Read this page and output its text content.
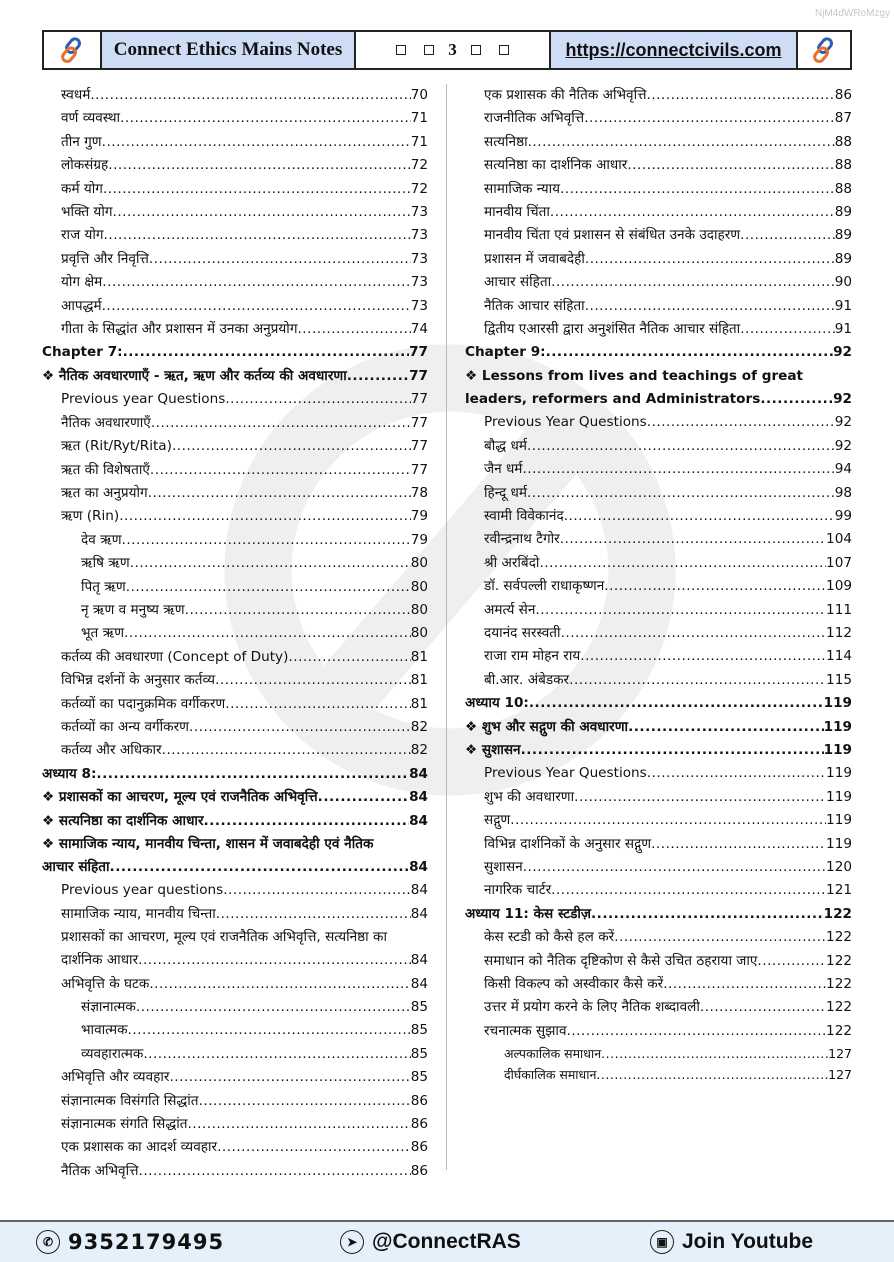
NjM4dWRoMzgy
Connect Ethics Mains Notes	3	https://connectcivils.com
स्वधर्म .....	70
वर्ण व्यवस्था .....	71
तीन गुण .....	71
लोकसंग्रह .....	72
कर्म योग .....	72
भक्ति योग .....	73
राज योग .....	73
प्रवृत्ति और निवृत्ति .....	73
योग क्षेम .....	73
आपद्धर्म .....	73
गीता के सिद्धांत और प्रशासन में उनका अनुप्रयोग .....	74
Chapter 7: .....	77
❖ नैतिक अवधारणाएँ - ऋत, ऋण और कर्तव्य की अवधारणा .....	77
Previous year Questions .....	77
नैतिक अवधारणाएँ .....	77
ऋत (Rit/Ryt/Rita) .....	77
ऋत की विशेषताएँ .....	77
ऋत का अनुप्रयोग .....	78
ऋण (Rin) .....	79
देव ऋण .....	79
ऋषि ऋण .....	80
पितृ ऋण .....	80
नृ ऋण व मनुष्य ऋण .....	80
भूत ऋण .....	80
कर्तव्य की अवधारणा (Concept of Duty) .....	81
विभिन्न दर्शनों के अनुसार कर्तव्य .....	81
कर्तव्यों का पदानुक्रमिक वर्गीकरण .....	81
कर्तव्यों का अन्य वर्गीकरण .....	82
कर्तव्य और अधिकार .....	82
अध्याय 8: .....	84
❖ प्रशासकों का आचरण, मूल्य एवं राजनैतिक अभिवृत्ति .....	84
❖ सत्यनिष्ठा का दार्शनिक आधार .....	84
❖ सामाजिक न्याय, मानवीय चिन्ता, शासन में जवाबदेही एवं नैतिक
आचार संहिता .....	84
Previous year questions .....	84
सामाजिक न्याय, मानवीय चिन्ता .....	84
प्रशासकों का आचरण, मूल्य एवं राजनैतिक अभिवृत्ति, सत्यनिष्ठा का
दार्शनिक आधार .....	84
अभिवृत्ति के घटक .....	84
संज्ञानात्मक .....	85
भावात्मक .....	85
व्यवहारात्मक .....	85
अभिवृत्ति और व्यवहार .....	85
संज्ञानात्मक विसंगति सिद्धांत .....	86
संज्ञानात्मक संगति सिद्धांत .....	86
एक प्रशासक का आदर्श व्यवहार .....	86
नैतिक अभिवृत्ति .....	86
एक प्रशासक की नैतिक अभिवृत्ति .....	86
राजनीतिक अभिवृत्ति .....	87
सत्यनिष्ठा .....	88
सत्यनिष्ठा का दार्शनिक आधार .....	88
सामाजिक न्याय .....	88
मानवीय चिंता .....	89
मानवीय चिंता एवं प्रशासन से संबंधित उनके उदाहरण .....	89
प्रशासन में जवाबदेही .....	89
आचार संहिता .....	90
नैतिक आचार संहिता .....	91
द्वितीय एआरसी द्वारा अनुशंसित नैतिक आचार संहिता .....	91
Chapter 9: .....	92
❖ Lessons from lives and teachings of great
leaders, reformers and Administrators .....	92
Previous Year Questions .....	92
बौद्ध धर्म .....	92
जैन धर्म .....	94
हिन्दू धर्म .....	98
स्वामी विवेकानंद .....	99
रवीन्द्रनाथ टैगोर .....	104
श्री अरबिंदो .....	107
डॉ. सर्वपल्ली राधाकृष्णन .....	109
अमर्त्य सेन .....	111
दयानंद सरस्वती .....	112
राजा राम मोहन राय .....	114
बी.आर. अंबेडकर .....	115
अध्याय 10: .....	119
❖ शुभ और सद्गुण की अवधारणा .....	119
❖ सुशासन .....	119
Previous Year Questions .....	119
शुभ की अवधारणा .....	119
सद्गुण .....	119
विभिन्न दार्शनिकों के अनुसार सद्गुण .....	119
सुशासन .....	120
नागरिक चार्टर .....	121
अध्याय 11: केस स्टडीज़ .....	122
केस स्टडी को कैसे हल करें .....	122
समाधान को नैतिक दृष्टिकोण से कैसे उचित ठहराया जाए .....	122
किसी विकल्प को अस्वीकार कैसे करें .....	122
उत्तर में प्रयोग करने के लिए नैतिक शब्दावली .....	122
रचनात्मक सुझाव .....	122
अल्पकालिक समाधान .....	127
दीर्घकालिक समाधान .....	127
✆ 9352179495	➤ @ConnectRAS	▣ Join Youtube
